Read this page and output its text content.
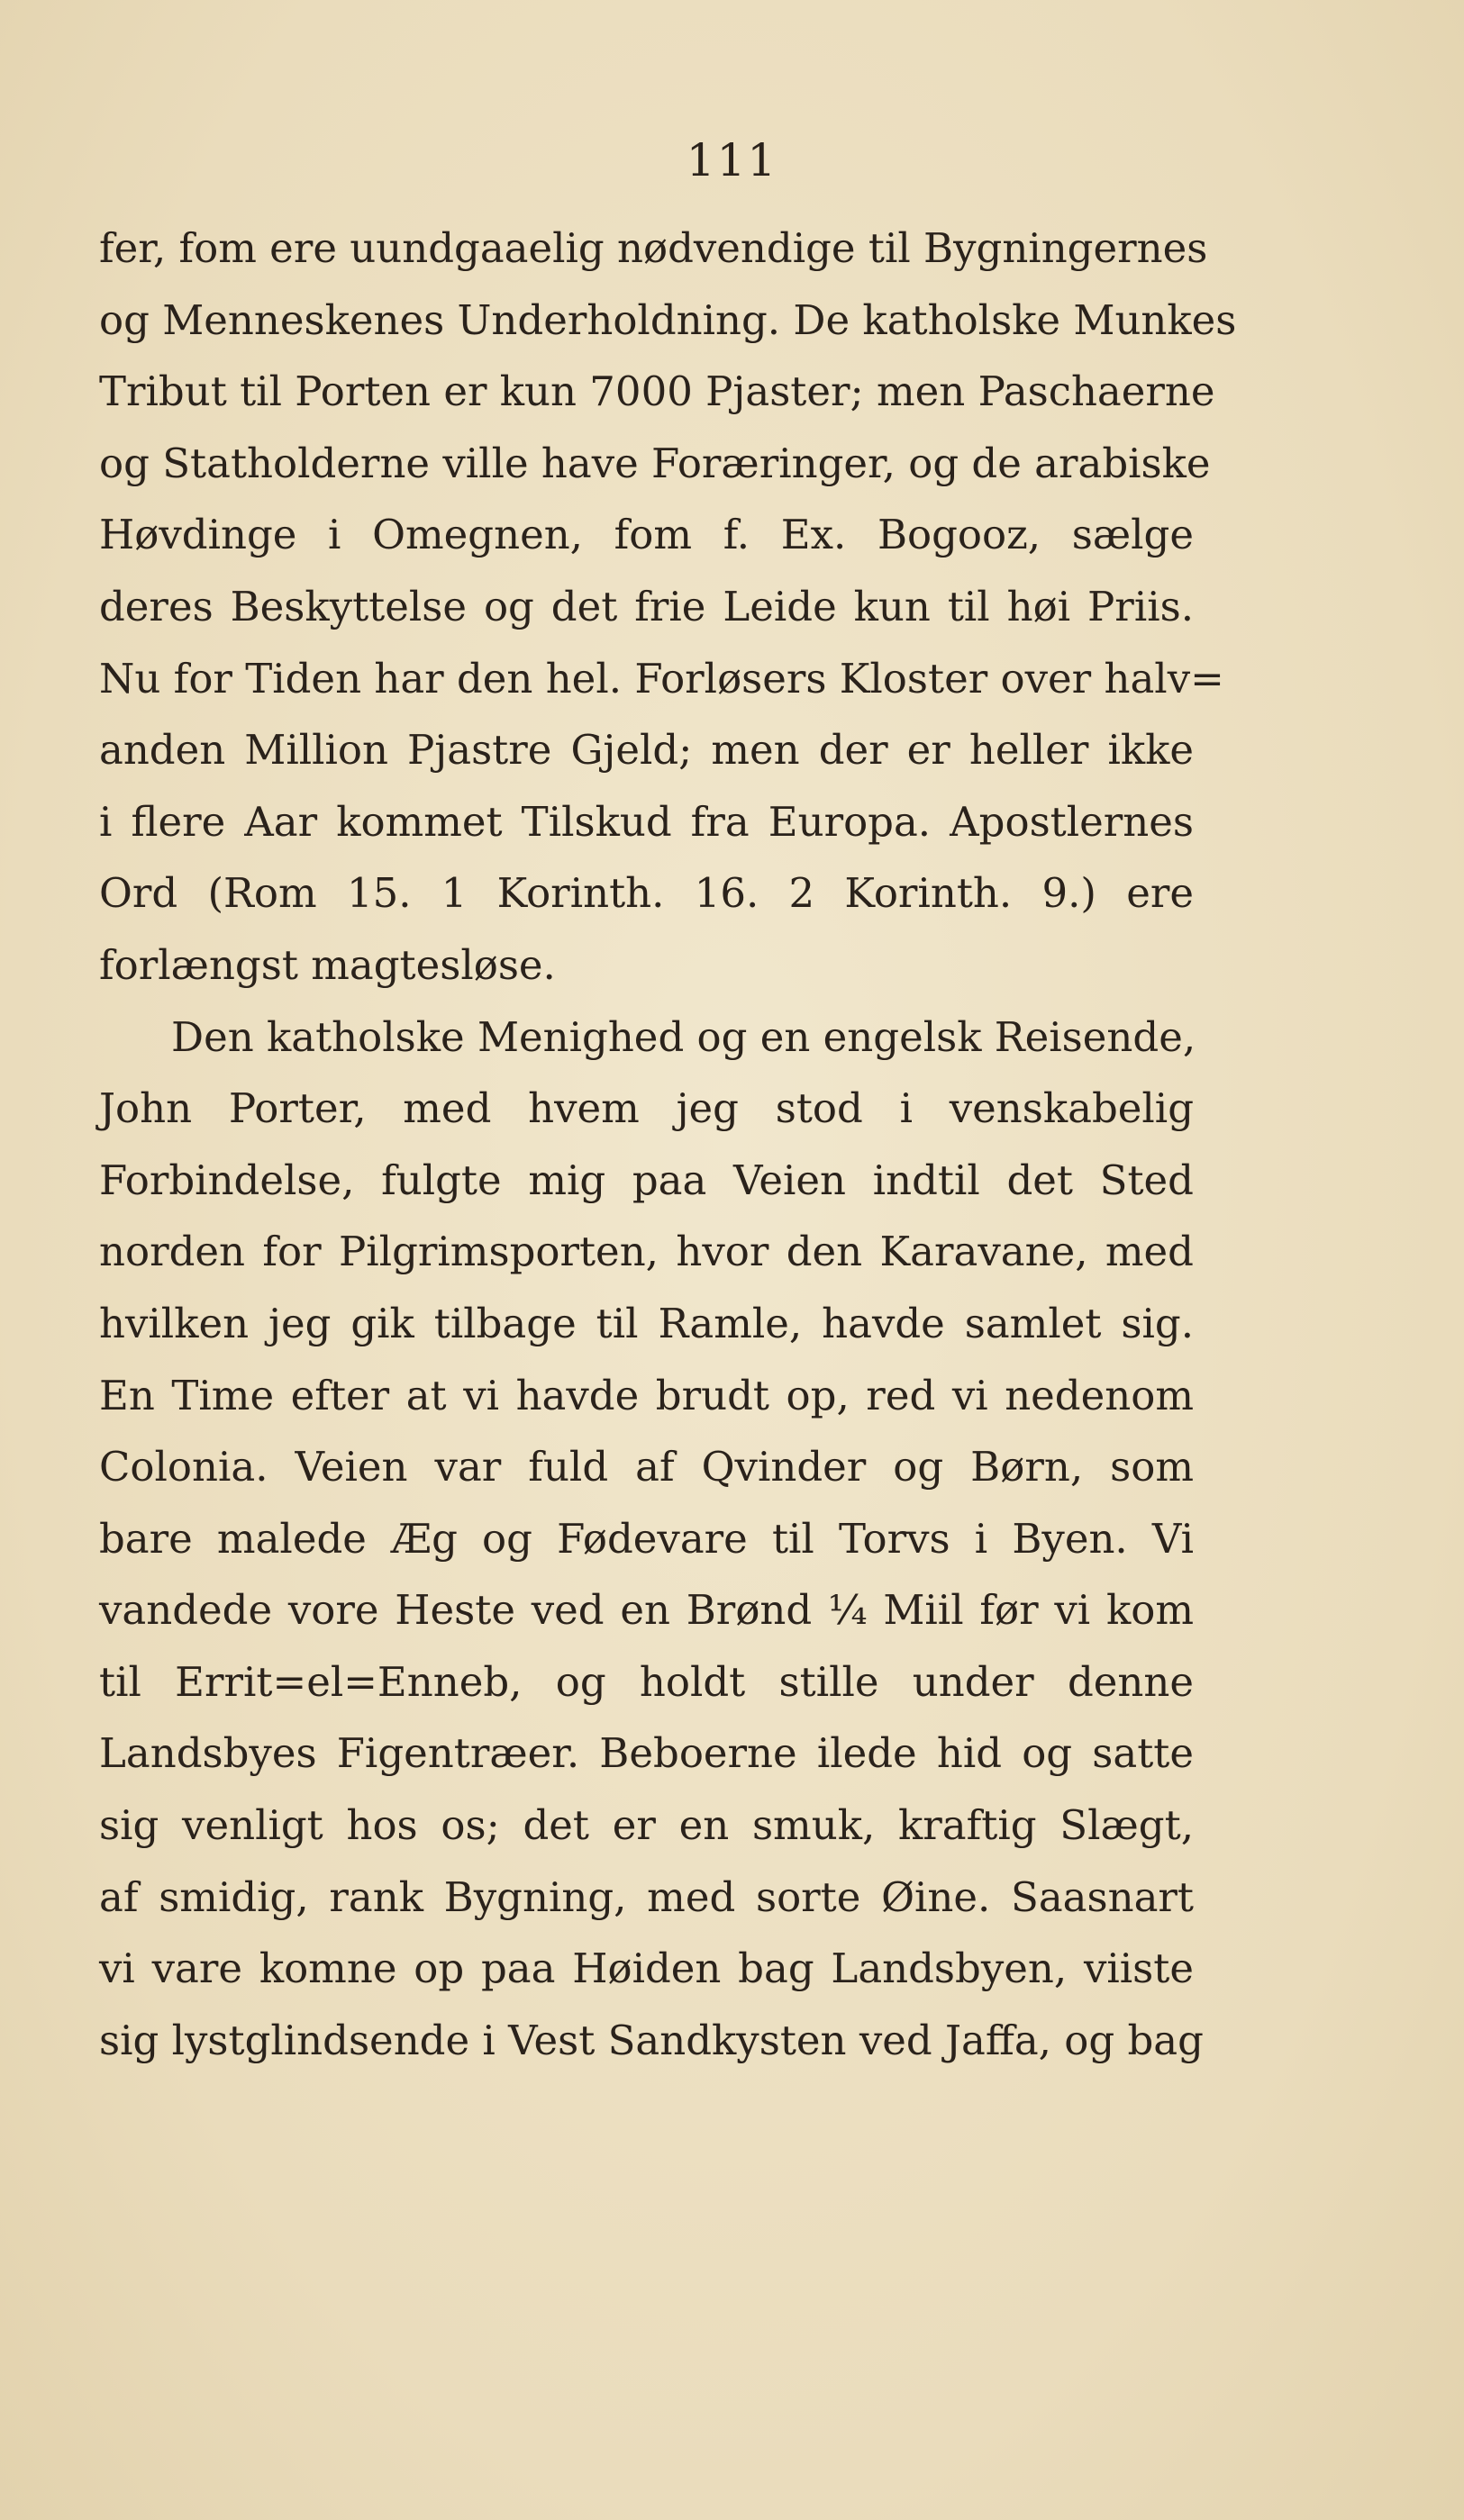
111
fer, fom ere uundgaaelig nødvendige til Bygningernes
og Menneskenes Underholdning. De katholske Munkes
Tribut til Porten er kun 7000 Pjaster; men Paschaerne
og Statholderne ville have Foræringer, og de arabiske
Høvdinge i Omegnen, fom f. Ex. Bogooz, sælge
deres Beskyttelse og det frie Leide kun til høi Priis.
Nu for Tiden har den hel. Forløsers Kloster over halv=
anden Million Pjastre Gjeld; men der er heller ikke
i flere Aar kommet Tilskud fra Europa. Apostlernes
Ord (Rom 15. 1 Korinth. 16. 2 Korinth. 9.) ere
forlængst magtesløse.
Den katholske Menighed og en engelsk Reisende,
John Porter, med hvem jeg stod i venskabelig
Forbindelse, fulgte mig paa Veien indtil det Sted
norden for Pilgrimsporten, hvor den Karavane, med
hvilken jeg gik tilbage til Ramle, havde samlet sig.
En Time efter at vi havde brudt op, red vi nedenom
Colonia. Veien var fuld af Qvinder og Børn, som
bare malede Æg og Fødevare til Torvs i Byen. Vi
vandede vore Heste ved en Brønd ¼ Miil før vi kom
til Errit=el=Enneb, og holdt stille under denne
Landsbyes Figentræer. Beboerne ilede hid og satte
sig venligt hos os; det er en smuk, kraftig Slægt,
af smidig, rank Bygning, med sorte Øine. Saasnart
vi vare komne op paa Høiden bag Landsbyen, viiste
sig lystglindsende i Vest Sandkysten ved Jaffa, og bag
